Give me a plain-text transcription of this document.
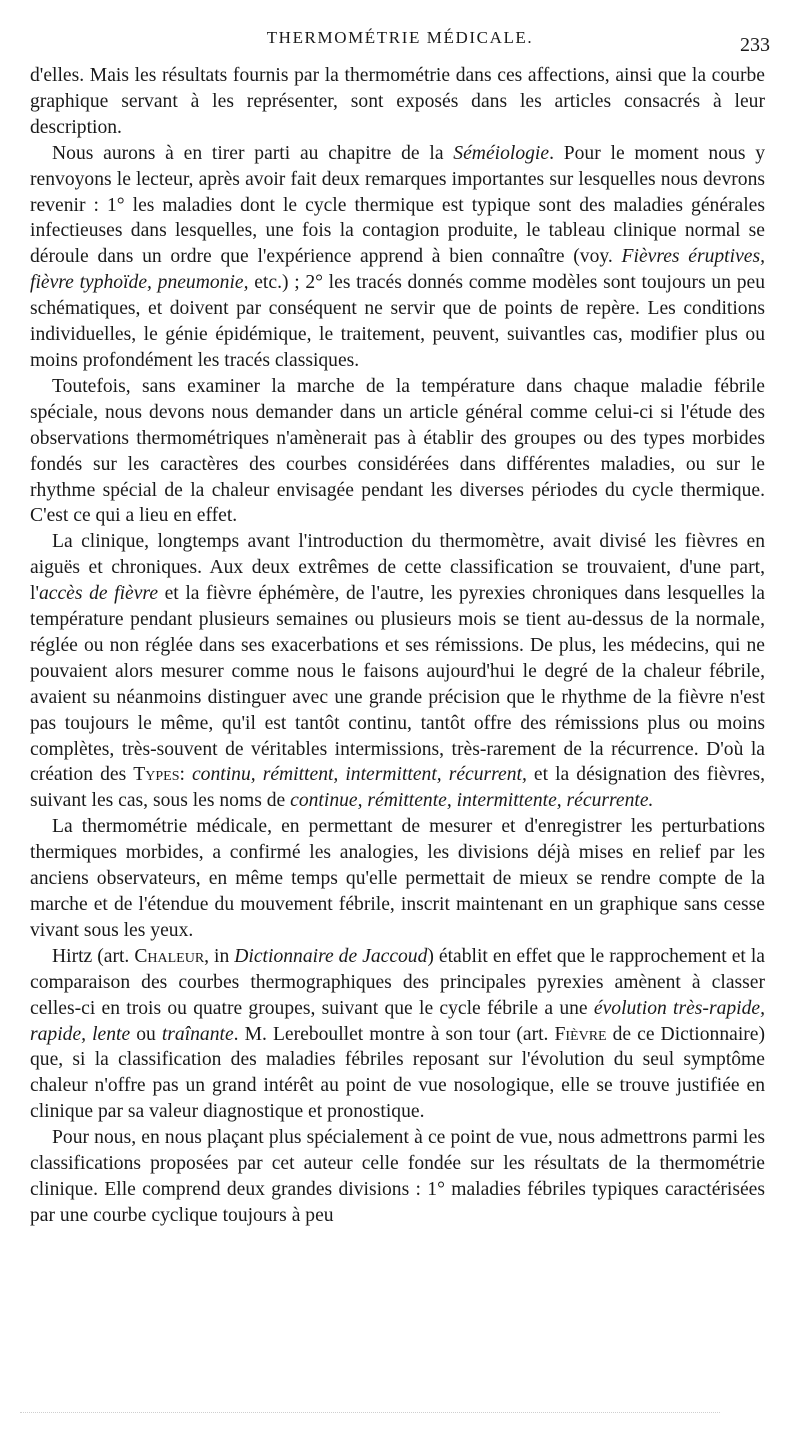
THERMOMÉTRIE MÉDICALE.	233

d'elles. Mais les résultats fournis par la thermométrie dans ces affections, ainsi que la courbe graphique servant à les représenter, sont exposés dans les articles consacrés à leur description.

Nous aurons à en tirer parti au chapitre de la Séméiologie. Pour le moment nous y renvoyons le lecteur, après avoir fait deux remarques importantes sur lesquelles nous devrons revenir : 1° les maladies dont le cycle thermique est typique sont des maladies générales infectieuses dans lesquelles, une fois la contagion produite, le tableau clinique normal se déroule dans un ordre que l'expérience apprend à bien connaître (voy. Fièvres éruptives, fièvre typhoïde, pneumonie, etc.) ; 2° les tracés donnés comme modèles sont toujours un peu schématiques, et doivent par conséquent ne servir que de points de repère. Les conditions individuelles, le génie épidémique, le traitement, peuvent, suivantles cas, modifier plus ou moins profondément les tracés classiques.

Toutefois, sans examiner la marche de la température dans chaque maladie fébrile spéciale, nous devons nous demander dans un article général comme celui-ci si l'étude des observations thermométriques n'amènerait pas à établir des groupes ou des types morbides fondés sur les caractères des courbes considérées dans différentes maladies, ou sur le rhythme spécial de la chaleur envisagée pendant les diverses périodes du cycle thermique. C'est ce qui a lieu en effet.

La clinique, longtemps avant l'introduction du thermomètre, avait divisé les fièvres en aiguës et chroniques. Aux deux extrêmes de cette classification se trouvaient, d'une part, l'accès de fièvre et la fièvre éphémère, de l'autre, les pyrexies chroniques dans lesquelles la température pendant plusieurs semaines ou plusieurs mois se tient au-dessus de la normale, réglée ou non réglée dans ses exacerbations et ses rémissions. De plus, les médecins, qui ne pouvaient alors mesurer comme nous le faisons aujourd'hui le degré de la chaleur fébrile, avaient su néanmoins distinguer avec une grande précision que le rhythme de la fièvre n'est pas toujours le même, qu'il est tantôt continu, tantôt offre des rémissions plus ou moins complètes, très-souvent de véritables intermissions, très-rarement de la récurrence. D'où la création des Types: continu, rémittent, intermittent, récurrent, et la désignation des fièvres, suivant les cas, sous les noms de continue, rémittente, intermittente, récurrente.

La thermométrie médicale, en permettant de mesurer et d'enregistrer les perturbations thermiques morbides, a confirmé les analogies, les divisions déjà mises en relief par les anciens observateurs, en même temps qu'elle permettait de mieux se rendre compte de la marche et de l'étendue du mouvement fébrile, inscrit maintenant en un graphique sans cesse vivant sous les yeux.

Hirtz (art. Chaleur, in Dictionnaire de Jaccoud) établit en effet que le rapprochement et la comparaison des courbes thermographiques des principales pyrexies amènent à classer celles-ci en trois ou quatre groupes, suivant que le cycle fébrile a une évolution très-rapide, rapide, lente ou traînante. M. Lereboullet montre à son tour (art. Fièvre de ce Dictionnaire) que, si la classification des maladies fébriles reposant sur l'évolution du seul symptôme chaleur n'offre pas un grand intérêt au point de vue nosologique, elle se trouve justifiée en clinique par sa valeur diagnostique et pronostique.

Pour nous, en nous plaçant plus spécialement à ce point de vue, nous admettrons parmi les classifications proposées par cet auteur celle fondée sur les résultats de la thermométrie clinique. Elle comprend deux grandes divisions : 1° maladies fébriles typiques caractérisées par une courbe cyclique toujours à peu
